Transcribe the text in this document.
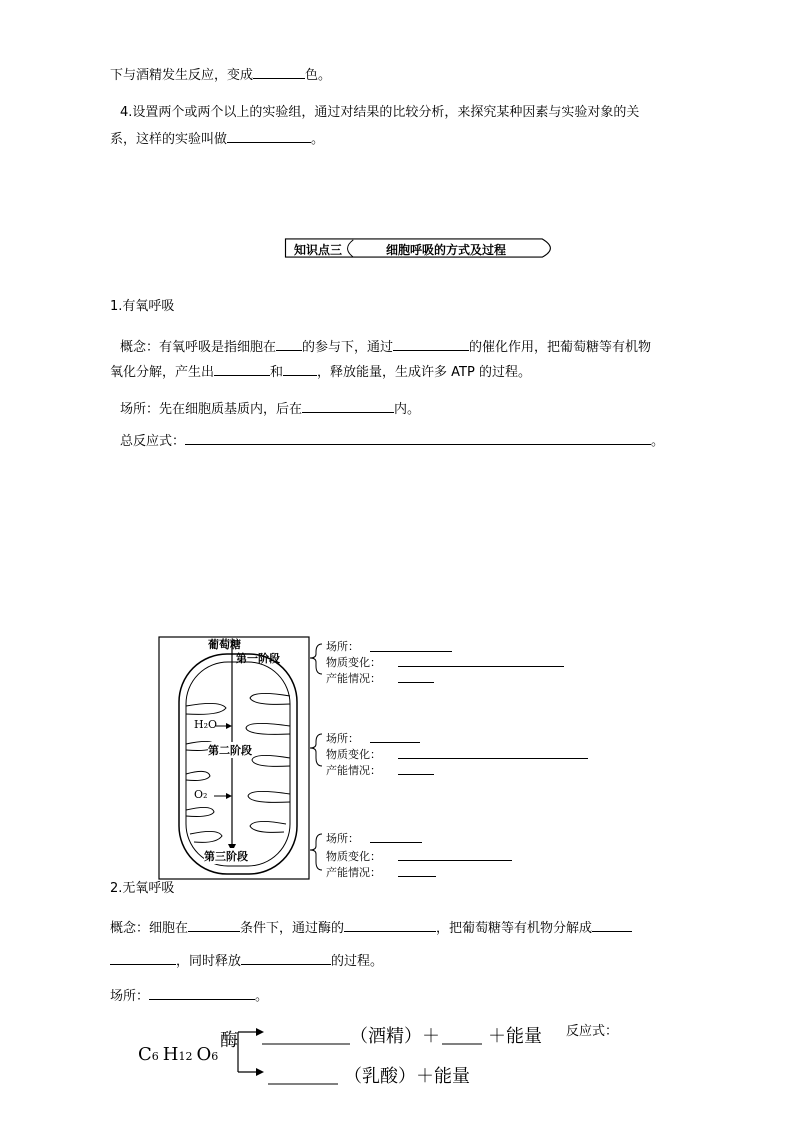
下与酒精发生反应，变成	色。
4.设置两个或两个以上的实验组，通过对结果的比较分析，来探究某种因素与实验对象的关
系，这样的实验叫做	。
知识点三	细胞呼吸的方式及过程
1.有氧呼吸
概念：有氧呼吸是指细胞在 的参与下，通过	的催化作用，把葡萄糖等有机物
氧化分解，产生出	和	，释放能量，生成许多 ATP 的过程。
场所：先在细胞质基质内，后在	内。
总反应式：	。
葡萄糖
第一阶段
H₂O
第二阶段
O₂
第三阶段
场所：
物质变化：
产能情况：
场所：
物质变化：
产能情况：
场所：
物质变化：
产能情况：
2.无氧呼吸
概念：细胞在	条件下，通过酶的	，把葡萄糖等有机物分解成
，同时释放	的过程。
场所：	。
C6 H12 O6
酶	（酒精）＋	＋能量 反应式：
（乳酸）＋能量
